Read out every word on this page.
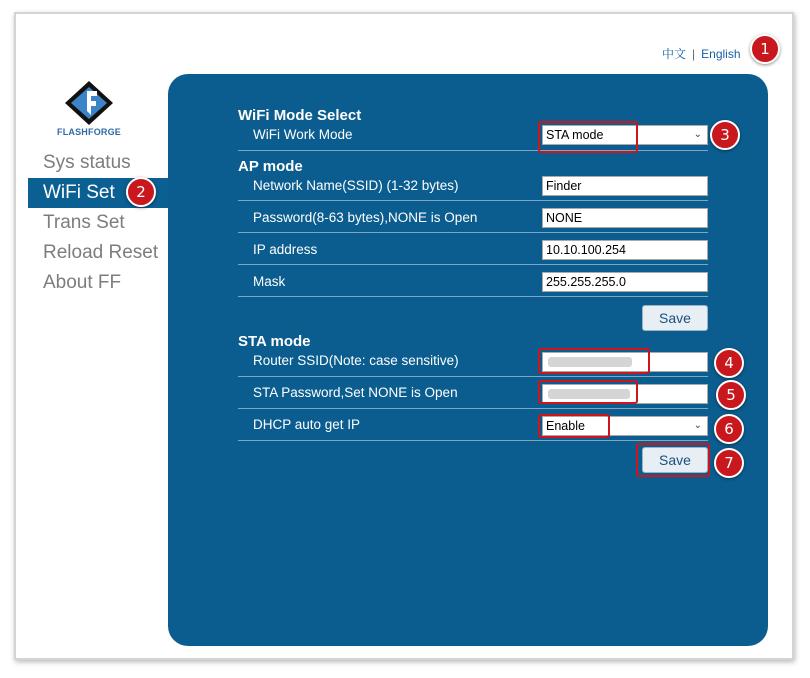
中文 | English
FLASHFORGE
Sys status
WiFi Set
Trans Set
Reload Reset
About FF
WiFi Mode Select
WiFi Work Mode	STA mode	⌄
AP mode
Network Name(SSID) (1-32 bytes)	Finder
Password(8-63 bytes),NONE is Open	NONE
IP address	10.10.100.254
Mask	255.255.255.0
Save
STA mode
Router SSID(Note: case sensitive)
STA Password,Set NONE is Open
DHCP auto get IP	Enable	⌄
Save
1
2
3
4
5
6
7
